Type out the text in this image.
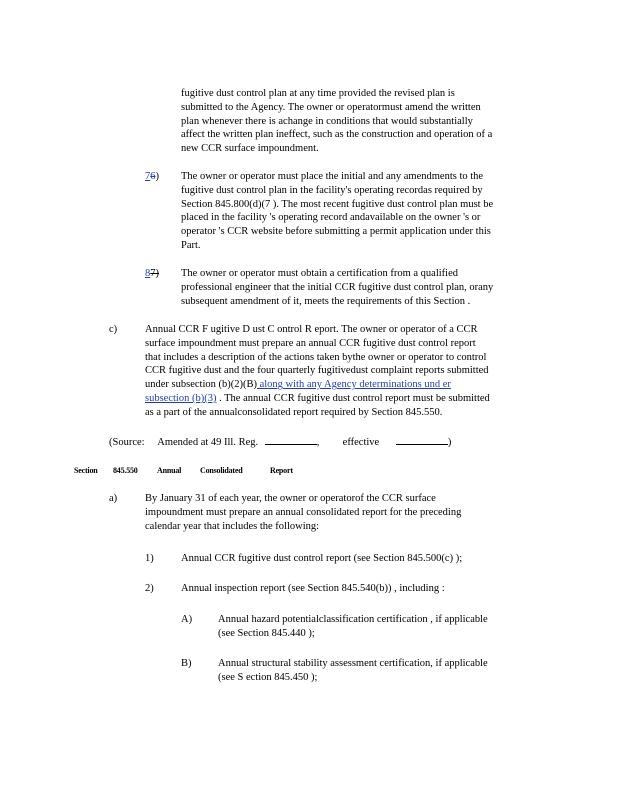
fugitive dust control plan at any time provided the revised plan is
submitted to the Agency. The owner or operatormust amend the written
plan whenever there is achange in conditions that would substantially
affect the written plan ineffect, such as the construction and operation of a
new CCR surface impoundment.
76) The owner or operator must place the initial and any amendments to the
fugitive dust control plan in the facility's operating recordas required by
Section 845.800(d)(7 ). The most recent fugitive dust control plan must be
placed in the facility 's operating record andavailable on the owner 's or
operator 's CCR website before submitting a permit application under this
Part.
87) The owner or operator must obtain a certification from a qualified
professional engineer that the initial CCR fugitive dust control plan, orany
subsequent amendment of it, meets the requirements of this Section .
c)	Annual CCR F ugitive D ust C ontrol R eport. The owner or operator of a CCR
surface impoundment must prepare an annual CCR fugitive dust control report
that includes a description of the actions taken bythe owner or operator to control
CCR fugitive dust and the four quarterly fugitivedust complaint reports submitted
under subsection (b)(2)(B) along with any Agency determinations und er
subsection (b)(3) . The annual CCR fugitive dust control report must be submitted
as a part of the annualconsolidated report required by Section 845.550.
(Source: Amended at 49 Ill. Reg.	, effective	)
Section 845.550 Annual Consolidated	Report
a)	By January 31 of each year, the owner or operatorof the CCR surface
impoundment must prepare an annual consolidated report for the preceding
calendar year that includes the following:
1)	Annual CCR fugitive dust control report (see Section 845.500(c) );
2)	Annual inspection report (see Section 845.540(b)) , including :
A) Annual hazard potentialclassification certification , if applicable
(see Section 845.440 );
B)	Annual structural stability assessment certification, if applicable
(see S ection 845.450 );
